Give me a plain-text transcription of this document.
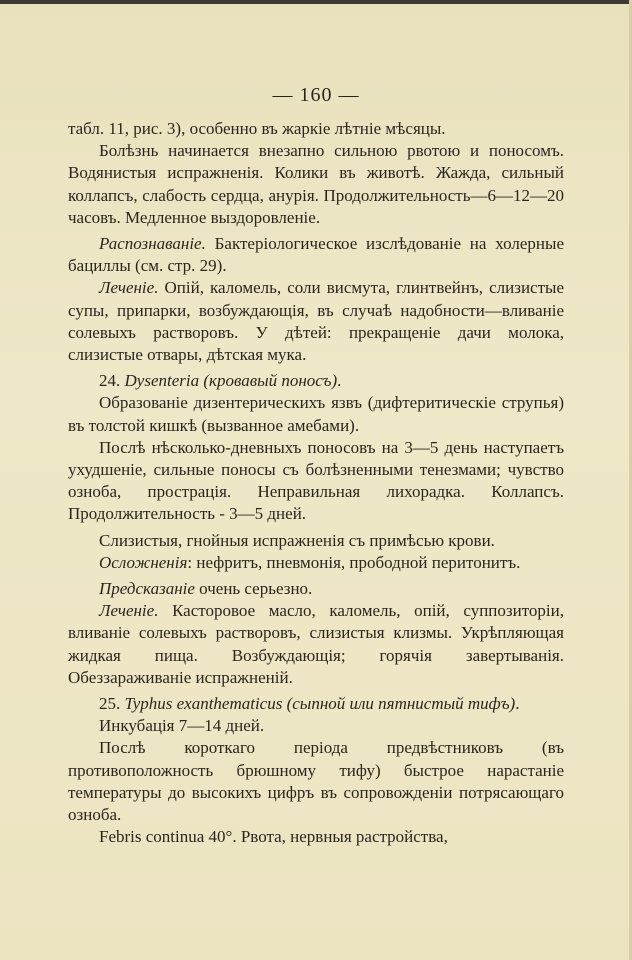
— 160 —

табл. 11, рис. 3), особенно въ жаркіе лѣтніе мѣсяцы.

Болѣзнь начинается внезапно сильною рвотою и поносомъ. Водянистыя испражненія. Колики въ животѣ. Жажда, сильный коллапсъ, слабость сердца, анурія. Продолжительность—6—12—20 часовъ. Медленное выздоровленіе.

Распознаваніе. Бактеріологическое изслѣдованіе на холерные бациллы (см. стр. 29).

Леченіе. Опій, каломель, соли висмута, глинтвейнъ, слизистые супы, припарки, возбуждающія, въ случаѣ надобности—вливаніе солевыхъ растворовъ. У дѣтей: прекращеніе дачи молока, слизистые отвары, дѣтская мука.

24. Dysenteria (кровавый поносъ).

Образованіе дизентерическихъ язвъ (дифтеритическіе струпья) въ толстой кишкѣ (вызванное амебами).

Послѣ нѣсколько-дневныхъ поносовъ на 3—5 день наступаетъ ухудшеніе, сильные поносы съ болѣзненными тенезмами; чувство озноба, прострація. Неправильная лихорадка. Коллапсъ. Продолжительность - 3—5 дней.

Слизистыя, гнойныя испражненія съ примѣсью крови.

Осложненія: нефритъ, пневмонія, прободной перитонитъ.

Предсказаніе очень серьезно.

Леченіе. Касторовое масло, каломель, опій, суппозиторіи, вливаніе солевыхъ растворовъ, слизистыя клизмы. Укрѣпляющая жидкая пища. Возбуждающія; горячія завертыванія. Обеззараживаніе испражненій.

25. Typhus exanthematicus (сыпной или пятнистый тифъ).

Инкубація 7—14 дней.

Послѣ короткаго періода предвѣстниковъ (въ противоположность брюшному тифу) быстрое нарастаніе температуры до высокихъ цифръ въ сопровожденіи потрясающаго озноба.

Febris continua 40°. Рвота, нервныя растройства,
